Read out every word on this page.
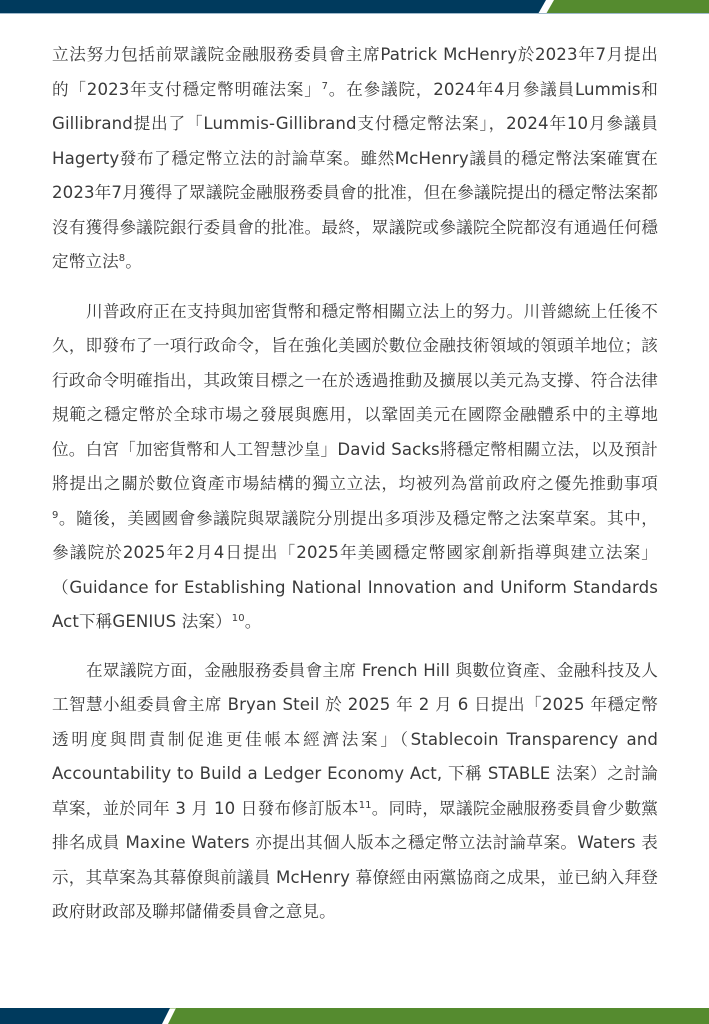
立法努力包括前眾議院金融服務委員會主席Patrick McHenry於2023年7月提出的「2023年支付穩定幣明確法案」$^7$。在參議院，2024年4月參議員Lummis和Gillibrand提出了「Lummis-Gillibrand支付穩定幣法案」，2024年10月參議員Hagerty發布了穩定幣立法的討論草案。雖然McHenry議員的穩定幣法案確實在2023年7月獲得了眾議院金融服務委員會的批准，但在參議院提出的穩定幣法案都沒有獲得參議院銀行委員會的批准。最終，眾議院或參議院全院都沒有通過任何穩定幣立法$^8$。

川普政府正在支持與加密貨幣和穩定幣相關立法上的努力。川普總統上任後不久，即發布了一項行政命令，旨在強化美國於數位金融技術領域的領頭羊地位；該行政命令明確指出，其政策目標之一在於透過推動及擴展以美元為支撐、符合法律規範之穩定幣於全球市場之發展與應用，以鞏固美元在國際金融體系中的主導地位。白宮「加密貨幣和人工智慧沙皇」David Sacks將穩定幣相關立法，以及預計將提出之關於數位資產市場結構的獨立立法，均被列為當前政府之優先推動事項$^9$。隨後，美國國會參議院與眾議院分別提出多項涉及穩定幣之法案草案。其中，參議院於2025年2月4日提出「2025年美國穩定幣國家創新指導與建立法案」（Guidance for Establishing National Innovation and Uniform Standards Act下稱GENIUS 法案）$^{10}$。

在眾議院方面，金融服務委員會主席 French Hill 與數位資產、金融科技及人工智慧小組委員會主席 Bryan Steil 於 2025 年 2 月 6 日提出「2025 年穩定幣透明度與問責制促進更佳帳本經濟法案」（Stablecoin Transparency and Accountability to Build a Ledger Economy Act, 下稱 STABLE 法案）之討論草案，並於同年 3 月 10 日發布修訂版本$^{11}$。同時，眾議院金融服務委員會少數黨排名成員 Maxine Waters 亦提出其個人版本之穩定幣立法討論草案。Waters 表示，其草案為其幕僚與前議員 McHenry 幕僚經由兩黨協商之成果，並已納入拜登政府財政部及聯邦儲備委員會之意見。
